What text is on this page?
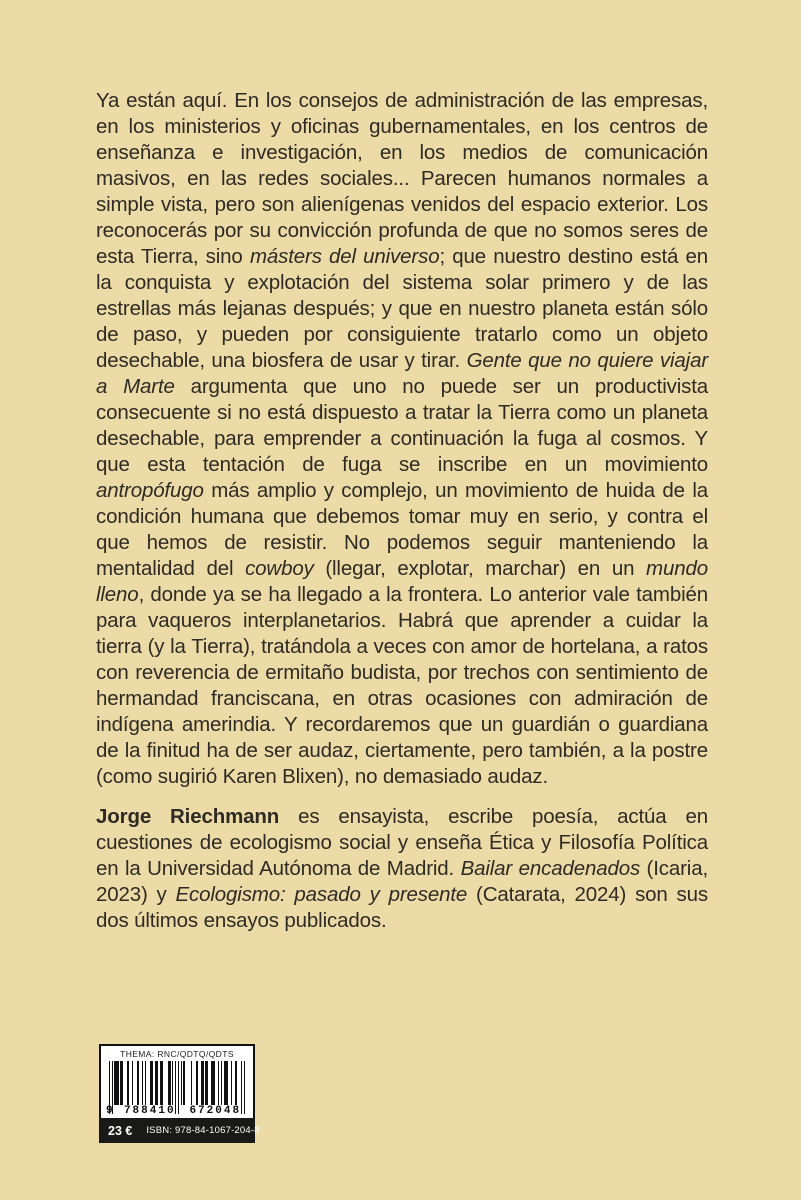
Ya están aquí. En los consejos de administración de las empresas, en los ministerios y oficinas gubernamentales, en los centros de enseñanza e investigación, en los medios de comunicación masivos, en las redes sociales... Parecen humanos normales a simple vista, pero son alienígenas venidos del espacio exterior. Los reconocerás por su convicción profunda de que no somos seres de esta Tierra, sino másters del universo; que nuestro destino está en la conquista y explotación del sistema solar primero y de las estrellas más lejanas después; y que en nuestro planeta están sólo de paso, y pueden por consiguiente tratarlo como un objeto desechable, una biosfera de usar y tirar. Gente que no quiere viajar a Marte argumenta que uno no puede ser un productivista consecuente si no está dispuesto a tratar la Tierra como un planeta desechable, para emprender a continuación la fuga al cosmos. Y que esta tentación de fuga se inscribe en un movimiento antropófugo más amplio y complejo, un movimiento de huida de la condición humana que debemos tomar muy en serio, y contra el que hemos de resistir. No podemos seguir manteniendo la mentalidad del cowboy (llegar, explotar, marchar) en un mundo lleno, donde ya se ha llegado a la frontera. Lo anterior vale también para vaqueros interplanetarios. Habrá que aprender a cuidar la tierra (y la Tierra), tratándola a veces con amor de hortelana, a ratos con reverencia de ermitaño budista, por trechos con sentimiento de hermandad franciscana, en otras ocasiones con admiración de indígena amerindia. Y recordaremos que un guardián o guardiana de la finitud ha de ser audaz, ciertamente, pero también, a la postre (como sugirió Karen Blixen), no demasiado audaz.

Jorge Riechmann es ensayista, escribe poesía, actúa en cuestiones de ecologismo social y enseña Ética y Filosofía Política en la Universidad Autónoma de Madrid. Bailar encadenados (Icaria, 2023) y Ecologismo: pasado y presente (Catarata, 2024) son sus dos últimos ensayos publicados.

THEMA: RNC/QDTQ/QDTS
9	788410	672048
23 €	ISBN: 978-84-1067-204-8
